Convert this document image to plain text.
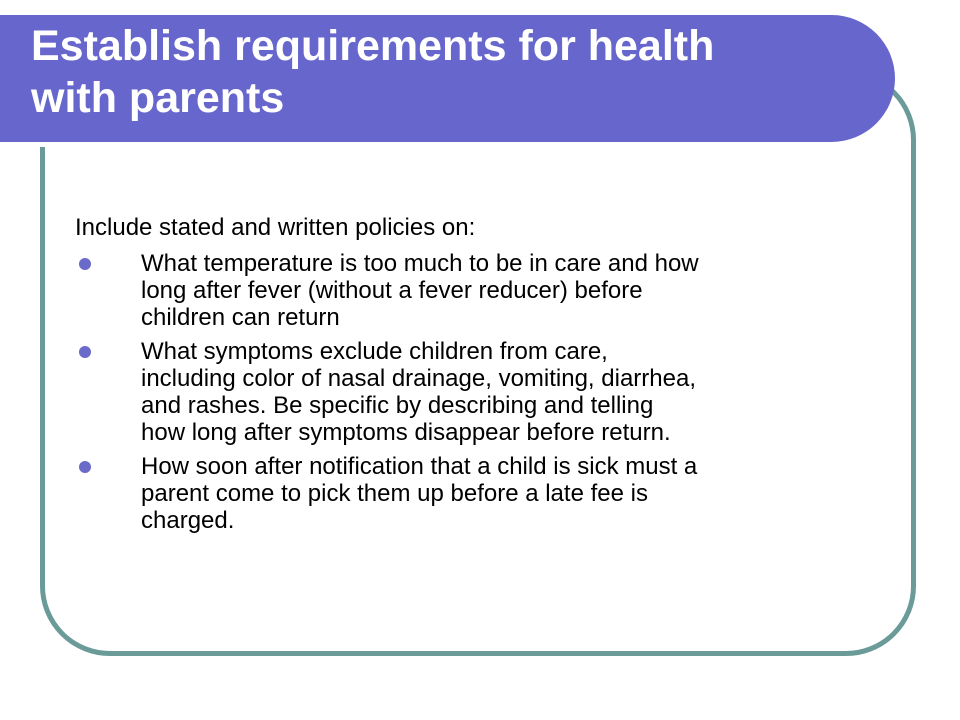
Establish requirements for health
with parents

Include stated and written policies on:

What temperature is too much to be in care and how
long after fever (without a fever reducer) before
children can return
What symptoms exclude children from care,
including color of nasal drainage, vomiting, diarrhea,
and rashes. Be specific by describing and telling
how long after symptoms disappear before return.
How soon after notification that a child is sick must a
parent come to pick them up before a late fee is
charged.
